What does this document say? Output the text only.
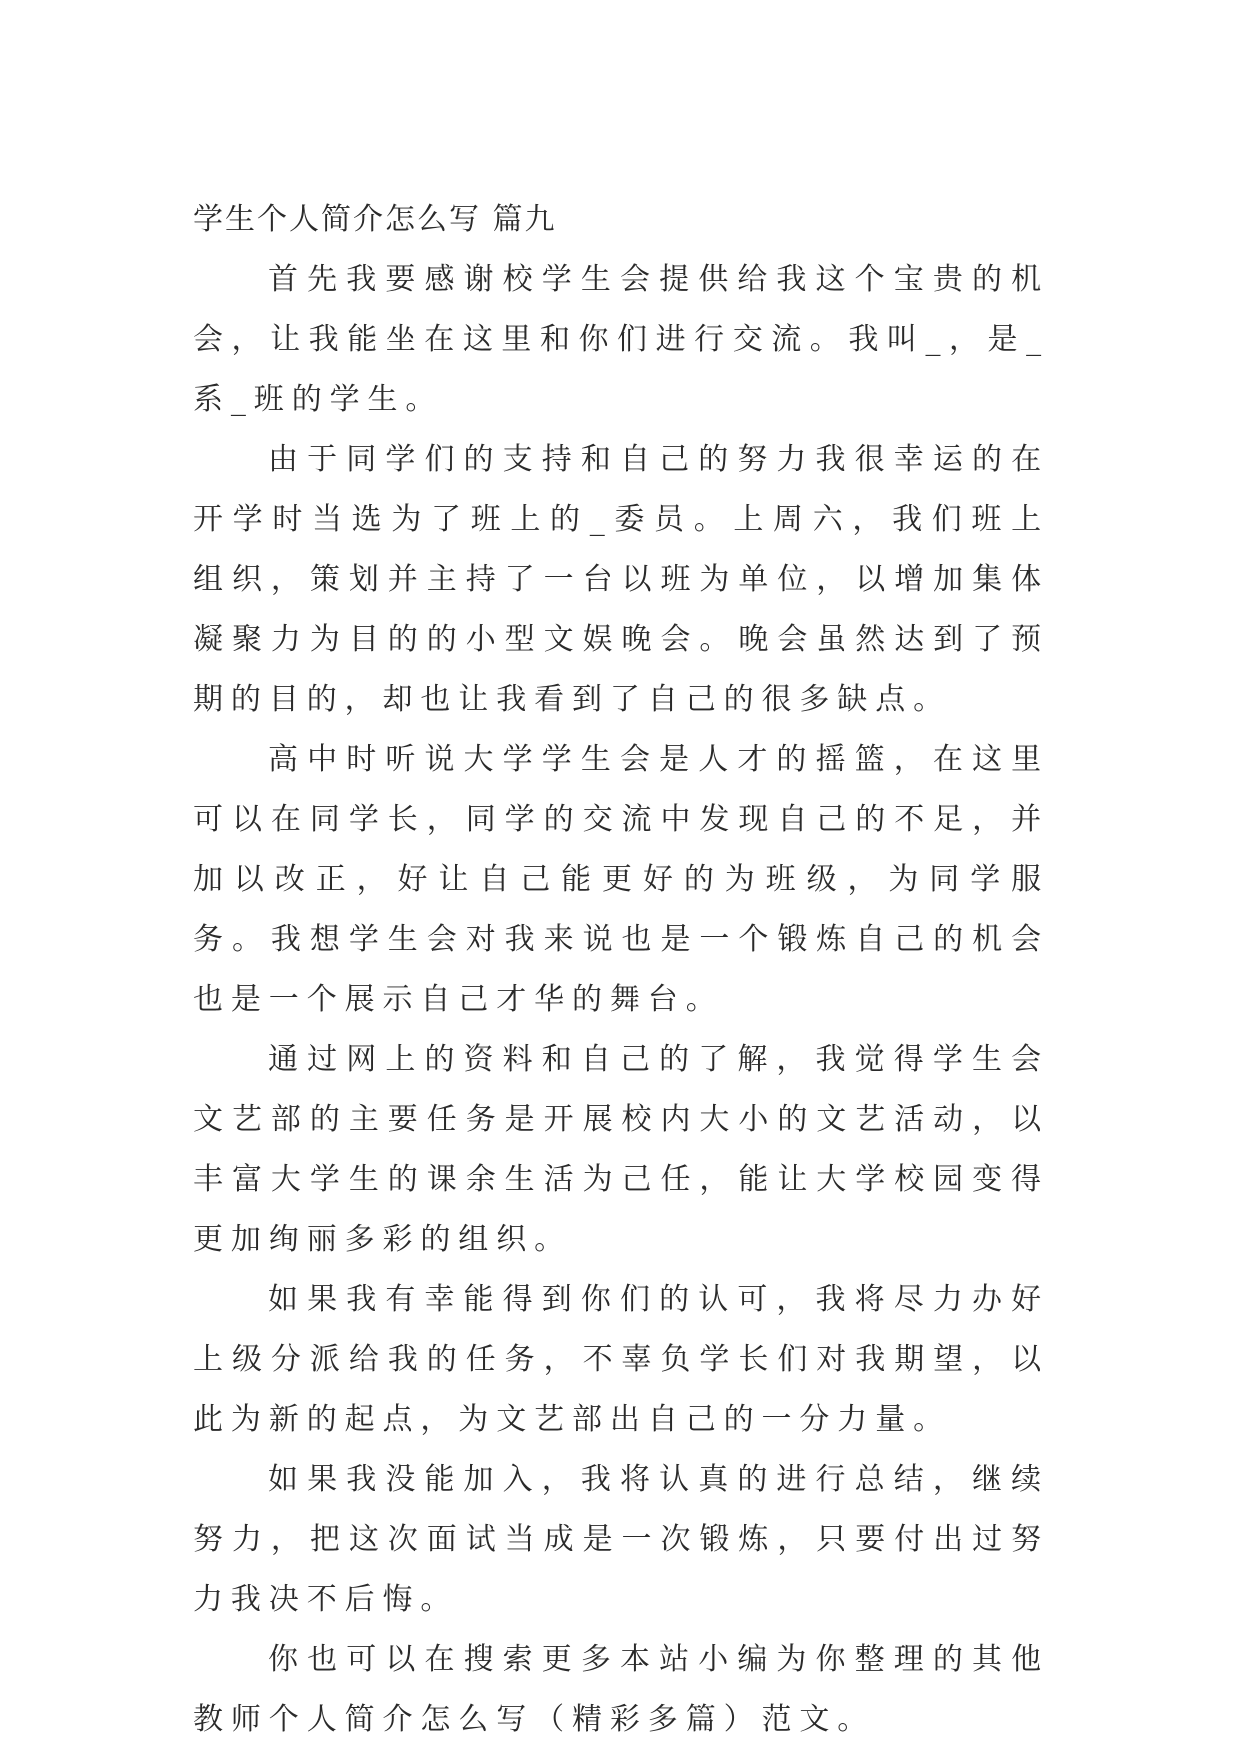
学生个人简介怎么写 篇九

首先我要感谢校学生会提供给我这个宝贵的机会，让我能坐在这里和你们进行交流。我叫_，是_系_班的学生。

由于同学们的支持和自己的努力我很幸运的在开学时当选为了班上的_委员。上周六，我们班上组织，策划并主持了一台以班为单位，以增加集体凝聚力为目的的小型文娱晚会。晚会虽然达到了预期的目的，却也让我看到了自己的很多缺点。

高中时听说大学学生会是人才的摇篮，在这里可以在同学长，同学的交流中发现自己的不足，并加以改正，好让自己能更好的为班级，为同学服务。我想学生会对我来说也是一个锻炼自己的机会也是一个展示自己才华的舞台。

通过网上的资料和自己的了解，我觉得学生会文艺部的主要任务是开展校内大小的文艺活动，以丰富大学生的课余生活为己任，能让大学校园变得更加绚丽多彩的组织。

如果我有幸能得到你们的认可，我将尽力办好上级分派给我的任务，不辜负学长们对我期望，以此为新的起点，为文艺部出自己的一分力量。

如果我没能加入，我将认真的进行总结，继续努力，把这次面试当成是一次锻炼，只要付出过努力我决不后悔。

你也可以在搜索更多本站小编为你整理的其他教师个人简介怎么写（精彩多篇）范文。
